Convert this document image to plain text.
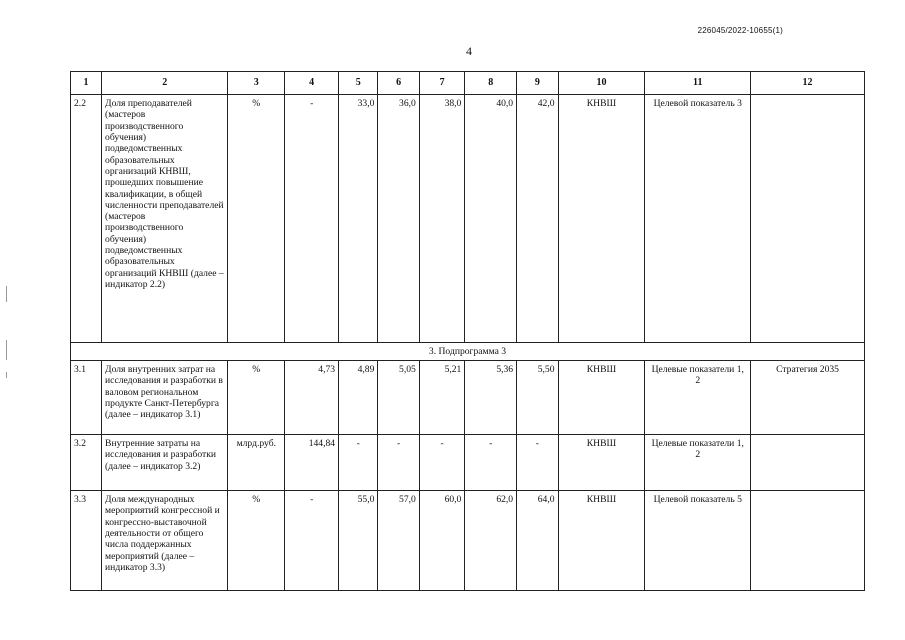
226045/2022-10655(1)
4
1	2	3	4	5	6	7	8	9	10	11	12
2.2	Доля преподавателей (мастеров производственного обучения) подведомственных образовательных организаций КНВШ, прошедших повышение квалификации, в общей численности преподавателей (мастеров производственного обучения) подведомственных образовательных организаций КНВШ (далее – индикатор 2.2)	%	-	33,0	36,0	38,0	40,0	42,0	КНВШ	Целевой показатель 3	
3. Подпрограмма 3											
3.1	Доля внутренних затрат на исследования и разработки в валовом региональном продукте Санкт-Петербурга (далее – индикатор 3.1)	%	4,73	4,89	5,05	5,21	5,36	5,50	КНВШ	Целевые показатели 1, 2	Стратегия 2035
3.2	Внутренние затраты на исследования и разработки (далее – индикатор 3.2)	млрд.руб.	144,84	-	-	-	-	-	КНВШ	Целевые показатели 1, 2	
3.3	Доля международных мероприятий конгрессной и конгрессно-выставочной деятельности от общего числа поддержанных мероприятий (далее – индикатор 3.3)	%	-	55,0	57,0	60,0	62,0	64,0	КНВШ	Целевой показатель 5	
